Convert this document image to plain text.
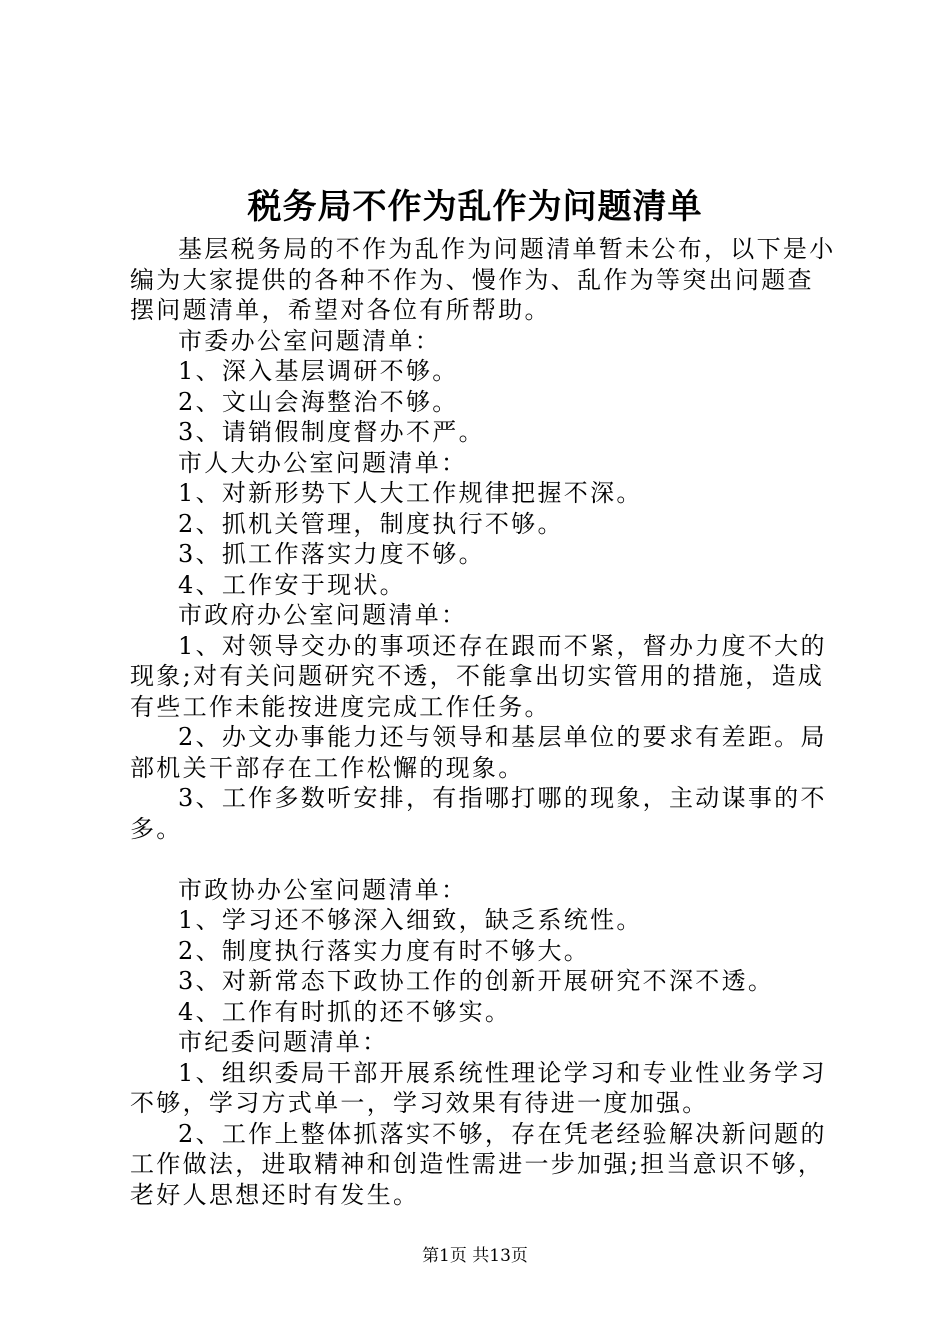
税务局不作为乱作为问题清单

基层税务局的不作为乱作为问题清单暂未公布，以下是小编为大家提供的各种不作为、慢作为、乱作为等突出问题查摆问题清单，希望对各位有所帮助。

市委办公室问题清单：

1、深入基层调研不够。

2、文山会海整治不够。

3、请销假制度督办不严。

市人大办公室问题清单：

1、对新形势下人大工作规律把握不深。

2、抓机关管理，制度执行不够。

3、抓工作落实力度不够。

4、工作安于现状。

市政府办公室问题清单：

1、对领导交办的事项还存在跟而不紧，督办力度不大的现象;对有关问题研究不透，不能拿出切实管用的措施，造成有些工作未能按进度完成工作任务。

2、办文办事能力还与领导和基层单位的要求有差距。局部机关干部存在工作松懈的现象。

3、工作多数听安排，有指哪打哪的现象，主动谋事的不多。

市政协办公室问题清单：

1、学习还不够深入细致，缺乏系统性。

2、制度执行落实力度有时不够大。

3、对新常态下政协工作的创新开展研究不深不透。

4、工作有时抓的还不够实。

市纪委问题清单：

1、组织委局干部开展系统性理论学习和专业性业务学习不够，学习方式单一，学习效果有待进一度加强。

2、工作上整体抓落实不够，存在凭老经验解决新问题的工作做法，进取精神和创造性需进一步加强;担当意识不够，老好人思想还时有发生。

第1页 共13页
